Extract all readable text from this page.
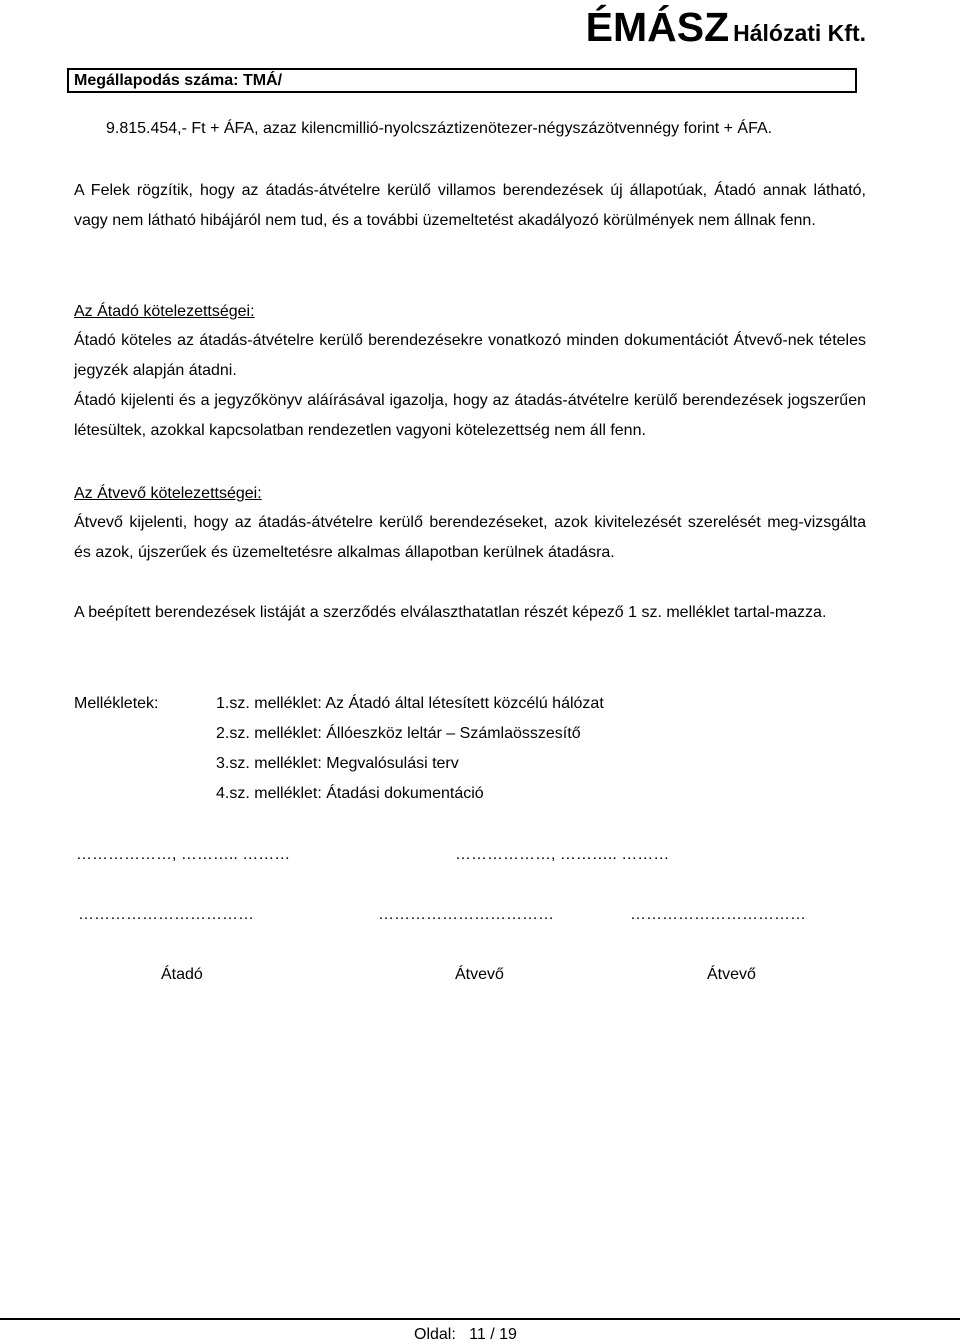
ÉMÁSZ Hálózati Kft.
Megállapodás száma: TMÁ/
9.815.454,- Ft + ÁFA, azaz kilencmillió-nyolcszáztizenötezer-négyszázötvennégy forint + ÁFA.
A Felek rögzítik, hogy az átadás-átvételre kerülő villamos berendezések új állapotúak, Átadó annak látható, vagy nem látható hibájáról nem tud, és a további üzemeltetést akadályozó körülmények nem állnak fenn.
Az Átadó kötelezettségei:
Átadó köteles az átadás-átvételre kerülő berendezésekre vonatkozó minden dokumentációt Átvevő-nek tételes jegyzék alapján átadni.
Átadó kijelenti és a jegyzőkönyv aláírásával igazolja, hogy az átadás-átvételre kerülő berendezések jogszerűen létesültek, azokkal kapcsolatban rendezetlen vagyoni kötelezettség nem áll fenn.
Az Átvevő kötelezettségei:
Átvevő kijelenti, hogy az átadás-átvételre kerülő berendezéseket, azok kivitelezését szerelését meg-vizsgálta és azok, újszerűek és üzemeltetésre alkalmas állapotban kerülnek átadásra.
A beépített berendezések listáját a szerződés elválaszthatatlan részét képező 1 sz. melléklet tartal-mazza.
Mellékletek:	1.sz. melléklet: Az Átadó által létesített közcélú hálózat
2.sz. melléklet: Állóeszköz leltár – Számlaösszesítő
3.sz. melléklet: Megvalósulási terv
4.sz. melléklet: Átadási dokumentáció
………………, ……….. ………	………………, ……….. ………
……………………………	……………………………	……………………………
Átadó	Átvevő	Átvevő
Oldal:   11 / 19
